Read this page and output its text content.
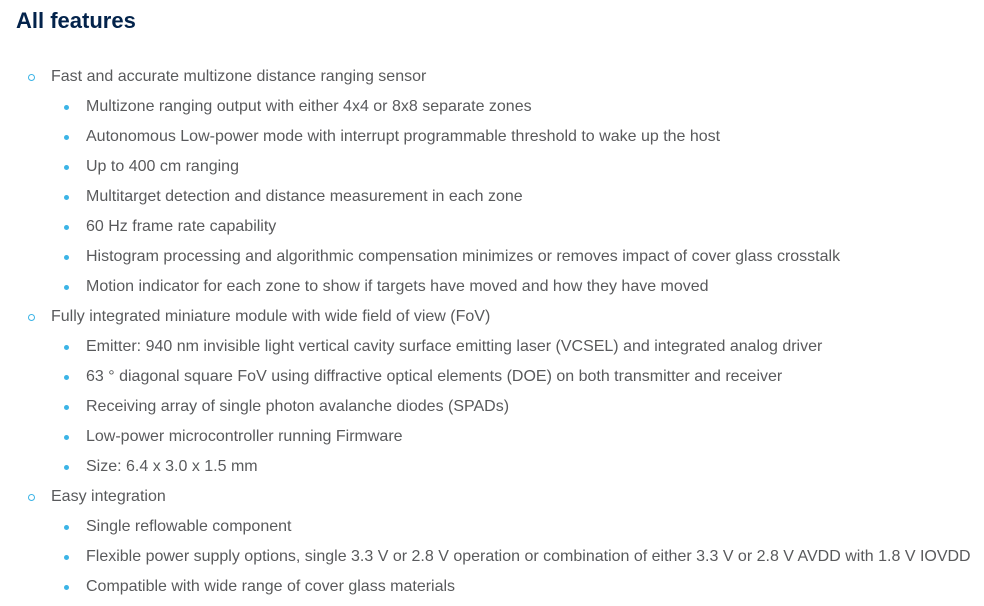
All features
Fast and accurate multizone distance ranging sensor
Multizone ranging output with either 4x4 or 8x8 separate zones
Autonomous Low-power mode with interrupt programmable threshold to wake up the host
Up to 400 cm ranging
Multitarget detection and distance measurement in each zone
60 Hz frame rate capability
Histogram processing and algorithmic compensation minimizes or removes impact of cover glass crosstalk
Motion indicator for each zone to show if targets have moved and how they have moved
Fully integrated miniature module with wide field of view (FoV)
Emitter: 940 nm invisible light vertical cavity surface emitting laser (VCSEL) and integrated analog driver
63 ° diagonal square FoV using diffractive optical elements (DOE) on both transmitter and receiver
Receiving array of single photon avalanche diodes (SPADs)
Low-power microcontroller running Firmware
Size: 6.4 x 3.0 x 1.5 mm
Easy integration
Single reflowable component
Flexible power supply options, single 3.3 V or 2.8 V operation or combination of either 3.3 V or 2.8 V AVDD with 1.8 V IOVDD
Compatible with wide range of cover glass materials
